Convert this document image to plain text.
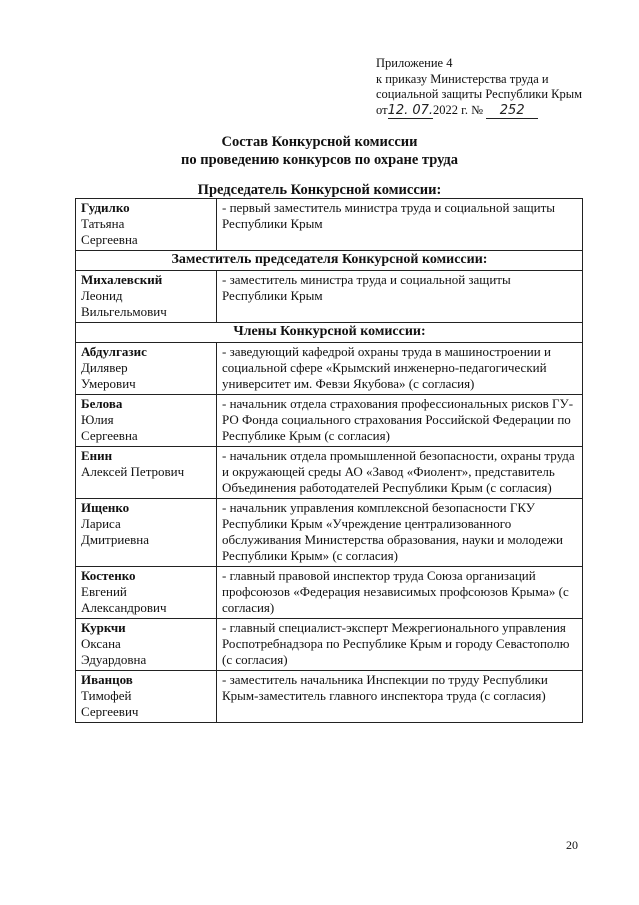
Приложение 4
к приказу Министерства труда и
социальной защиты Республики Крым
от12. 07.2022 г. № 252
Состав Конкурсной комиссии
по проведению конкурсов по охране труда
Председатель Конкурсной комиссии:
Гудилко
Татьяна
Сергеевна	- первый заместитель министра труда и социальной защиты Республики Крым

Заместитель председателя Конкурсной комиссии:	

Михалевский
Леонид
Вильгельмович	- заместитель министра труда и социальной защиты Республики Крым

Члены Конкурсной комиссии:	

Абдулгазис
Дилявер
Умерович	- заведующий кафедрой охраны труда в машиностроении и социальной сфере «Крымский инженерно-педагогический университет им. Февзи Якубова» (с согласия)

Белова
Юлия
Сергеевна	- начальник отдела страхования профессиональных рисков ГУ-РО Фонда социального страхования Российской Федерации по Республике Крым (с согласия)

Енин
Алексей Петрович	- начальник отдела промышленной безопасности, охраны труда и окружающей среды АО «Завод «Фиолент», представитель Объединения работодателей Республики Крым (с согласия)

Ищенко
Лариса
Дмитриевна	- начальник управления комплексной безопасности ГКУ Республики Крым «Учреждение централизованного обслуживания Министерства образования, науки и молодежи Республики Крым» (с согласия)

Костенко
Евгений
Александрович	- главный правовой инспектор труда Союза организаций профсоюзов «Федерация независимых профсоюзов Крыма» (с согласия)

Куркчи
Оксана
Эдуардовна	- главный специалист-эксперт Межрегионального управления Роспотребнадзора по Республике Крым и городу Севастополю (с согласия)

Иванцов
Тимофей
Сергеевич	- заместитель начальника Инспекции по труду Республики Крым-заместитель главного инспектора труда (с согласия)
20
